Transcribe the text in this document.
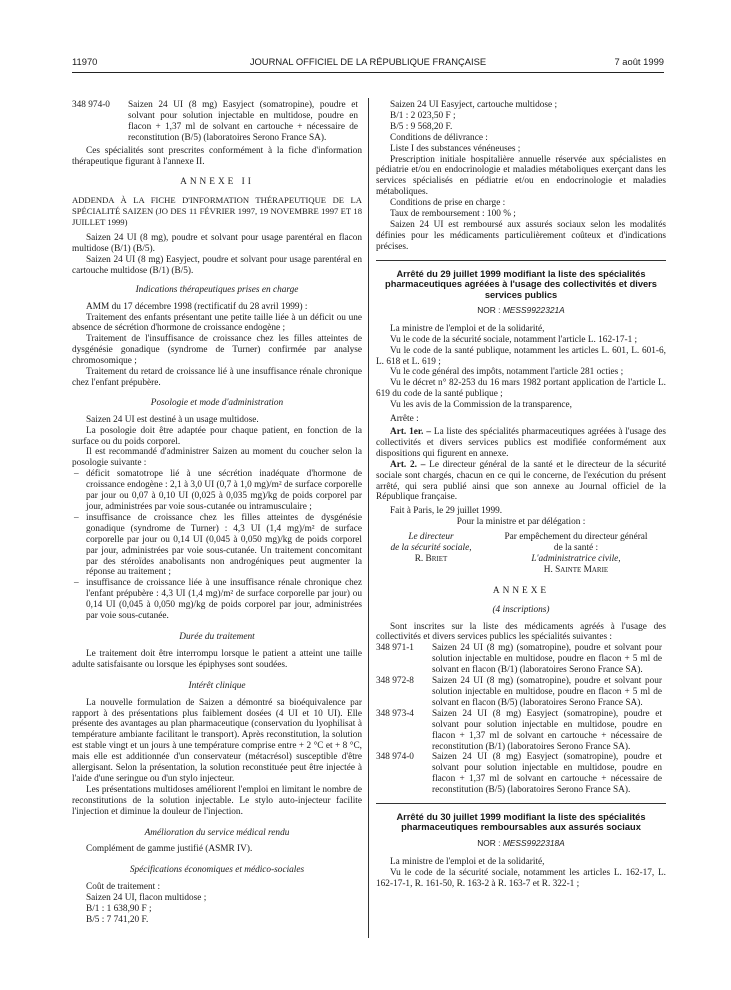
11970	JOURNAL OFFICIEL DE LA RÉPUBLIQUE FRANÇAISE	7 août 1999
348 974-0	Saizen 24 UI (8 mg) Easyject (somatropine), poudre et solvant pour solution injectable en multidose, poudre en flacon + 1,37 ml de solvant en cartouche + nécessaire de reconstitution (B/5) (laboratoires Serono France SA).

Ces spécialités sont prescrites conformément à la fiche d'information thérapeutique figurant à l'annexe II.

ANNEXE II

ADDENDA À LA FICHE D'INFORMATION THÉRAPEUTIQUE DE LA SPÉCIALITÉ SAIZEN (JO DES 11 FÉVRIER 1997, 19 NOVEMBRE 1997 ET 18 JUILLET 1999)

Saizen 24 UI (8 mg), poudre et solvant pour usage parentéral en flacon multidose (B/1) (B/5).

Saizen 24 UI (8 mg) Easyject, poudre et solvant pour usage parentéral en cartouche multidose (B/1) (B/5).

Indications thérapeutiques prises en charge

AMM du 17 décembre 1998 (rectificatif du 28 avril 1999) :

Traitement des enfants présentant une petite taille liée à un déficit ou une absence de sécrétion d'hormone de croissance endogène ;

Traitement de l'insuffisance de croissance chez les filles atteintes de dysgénésie gonadique (syndrome de Turner) confirmée par analyse chromosomique ;

Traitement du retard de croissance lié à une insuffisance rénale chronique chez l'enfant prépubère.

Posologie et mode d'administration

Saizen 24 UI est destiné à un usage multidose.

La posologie doit être adaptée pour chaque patient, en fonction de la surface ou du poids corporel.

Il est recommandé d'administrer Saizen au moment du coucher selon la posologie suivante :

– déficit somatotrope lié à une sécrétion inadéquate d'hormone de croissance endogène : 2,1 à 3,0 UI (0,7 à 1,0 mg)/m² de surface corporelle par jour ou 0,07 à 0,10 UI (0,025 à 0,035 mg)/kg de poids corporel par jour, administrées par voie sous-cutanée ou intramusculaire ;
– insuffisance de croissance chez les filles atteintes de dysgénésie gonadique (syndrome de Turner) : 4,3 UI (1,4 mg)/m² de surface corporelle par jour ou 0,14 UI (0,045 à 0,050 mg)/kg de poids corporel par jour, administrées par voie sous-cutanée. Un traitement concomitant par des stéroïdes anabolisants non androgéniques peut augmenter la réponse au traitement ;
– insuffisance de croissance liée à une insuffisance rénale chronique chez l'enfant prépubère : 4,3 UI (1,4 mg)/m² de surface corporelle par jour) ou 0,14 UI (0,045 à 0,050 mg)/kg de poids corporel par jour, administrées par voie sous-cutanée.

Durée du traitement

Le traitement doit être interrompu lorsque le patient a atteint une taille adulte satisfaisante ou lorsque les épiphyses sont soudées.

Intérêt clinique

La nouvelle formulation de Saizen a démontré sa bioéquivalence par rapport à des présentations plus faiblement dosées (4 UI et 10 UI). Elle présente des avantages au plan pharmaceutique (conservation du lyophilisat à température ambiante facilitant le transport). Après reconstitution, la solution est stable vingt et un jours à une température comprise entre + 2 °C et + 8 °C, mais elle est additionnée d'un conservateur (métacrésol) susceptible d'être allergisant. Selon la présentation, la solution reconstituée peut être injectée à l'aide d'une seringue ou d'un stylo injecteur.

Les présentations multidoses améliorent l'emploi en limitant le nombre de reconstitutions de la solution injectable. Le stylo auto-injecteur facilite l'injection et diminue la douleur de l'injection.

Amélioration du service médical rendu

Complément de gamme justifié (ASMR IV).

Spécifications économiques et médico-sociales

Coût de traitement :

Saizen 24 UI, flacon multidose ;

B/1 : 1 638,90 F ;

B/5 : 7 741,20 F.

Saizen 24 UI Easyject, cartouche multidose ;

B/1 : 2 023,50 F ;

B/5 : 9 568,20 F.

Conditions de délivrance :

Liste I des substances vénéneuses ;

Prescription initiale hospitalière annuelle réservée aux spécialistes en pédiatrie et/ou en endocrinologie et maladies métaboliques exerçant dans les services spécialisés en pédiatrie et/ou en endocrinologie et maladies métaboliques.

Conditions de prise en charge :

Taux de remboursement : 100 % ;

Saizen 24 UI est remboursé aux assurés sociaux selon les modalités définies pour les médicaments particulièrement coûteux et d'indications précises.

Arrêté du 29 juillet 1999 modifiant la liste des spécialités pharmaceutiques agréées à l'usage des collectivités et divers services publics

NOR : MESS9922321A

La ministre de l'emploi et de la solidarité,

Vu le code de la sécurité sociale, notamment l'article L. 162-17-1 ;

Vu le code de la santé publique, notamment les articles L. 601, L. 601-6, L. 618 et L. 619 ;

Vu le code général des impôts, notamment l'article 281 octies ;

Vu le décret n° 82-253 du 16 mars 1982 portant application de l'article L. 619 du code de la santé publique ;

Vu les avis de la Commission de la transparence,

Arrête :

Art. 1er. – La liste des spécialités pharmaceutiques agréées à l'usage des collectivités et divers services publics est modifiée conformément aux dispositions qui figurent en annexe.

Art. 2. – Le directeur général de la santé et le directeur de la sécurité sociale sont chargés, chacun en ce qui le concerne, de l'exécution du présent arrêté, qui sera publié ainsi que son annexe au Journal officiel de la République française.

Fait à Paris, le 29 juillet 1999.

Pour la ministre et par délégation :

Le directeur
de la sécurité sociale,
R. Briet
Par empêchement du directeur général
de la santé :
L'administratrice civile,
H. Sainte Marie

ANNEXE

(4 inscriptions)

Sont inscrites sur la liste des médicaments agréés à l'usage des collectivités et divers services publics les spécialités suivantes :

348 971-1	Saizen 24 UI (8 mg) (somatropine), poudre et solvant pour solution injectable en multidose, poudre en flacon + 5 ml de solvant en flacon (B/1) (laboratoires Serono France SA).
348 972-8	Saizen 24 UI (8 mg) (somatropine), poudre et solvant pour solution injectable en multidose, poudre en flacon + 5 ml de solvant en flacon (B/5) (laboratoires Serono France SA).
348 973-4	Saizen 24 UI (8 mg) Easyject (somatropine), poudre et solvant pour solution injectable en multidose, poudre en flacon + 1,37 ml de solvant en cartouche + nécessaire de reconstitution (B/1) (laboratoires Serono France SA).
348 974-0	Saizen 24 UI (8 mg) Easyject (somatropine), poudre et solvant pour solution injectable en multidose, poudre en flacon + 1,37 ml de solvant en cartouche + nécessaire de reconstitution (B/5) (laboratoires Serono France SA).

Arrêté du 30 juillet 1999 modifiant la liste des spécialités pharmaceutiques remboursables aux assurés sociaux

NOR : MESS9922318A

La ministre de l'emploi et de la solidarité,

Vu le code de la sécurité sociale, notamment les articles L. 162-17, L. 162-17-1, R. 161-50, R. 163-2 à R. 163-7 et R. 322-1 ;
